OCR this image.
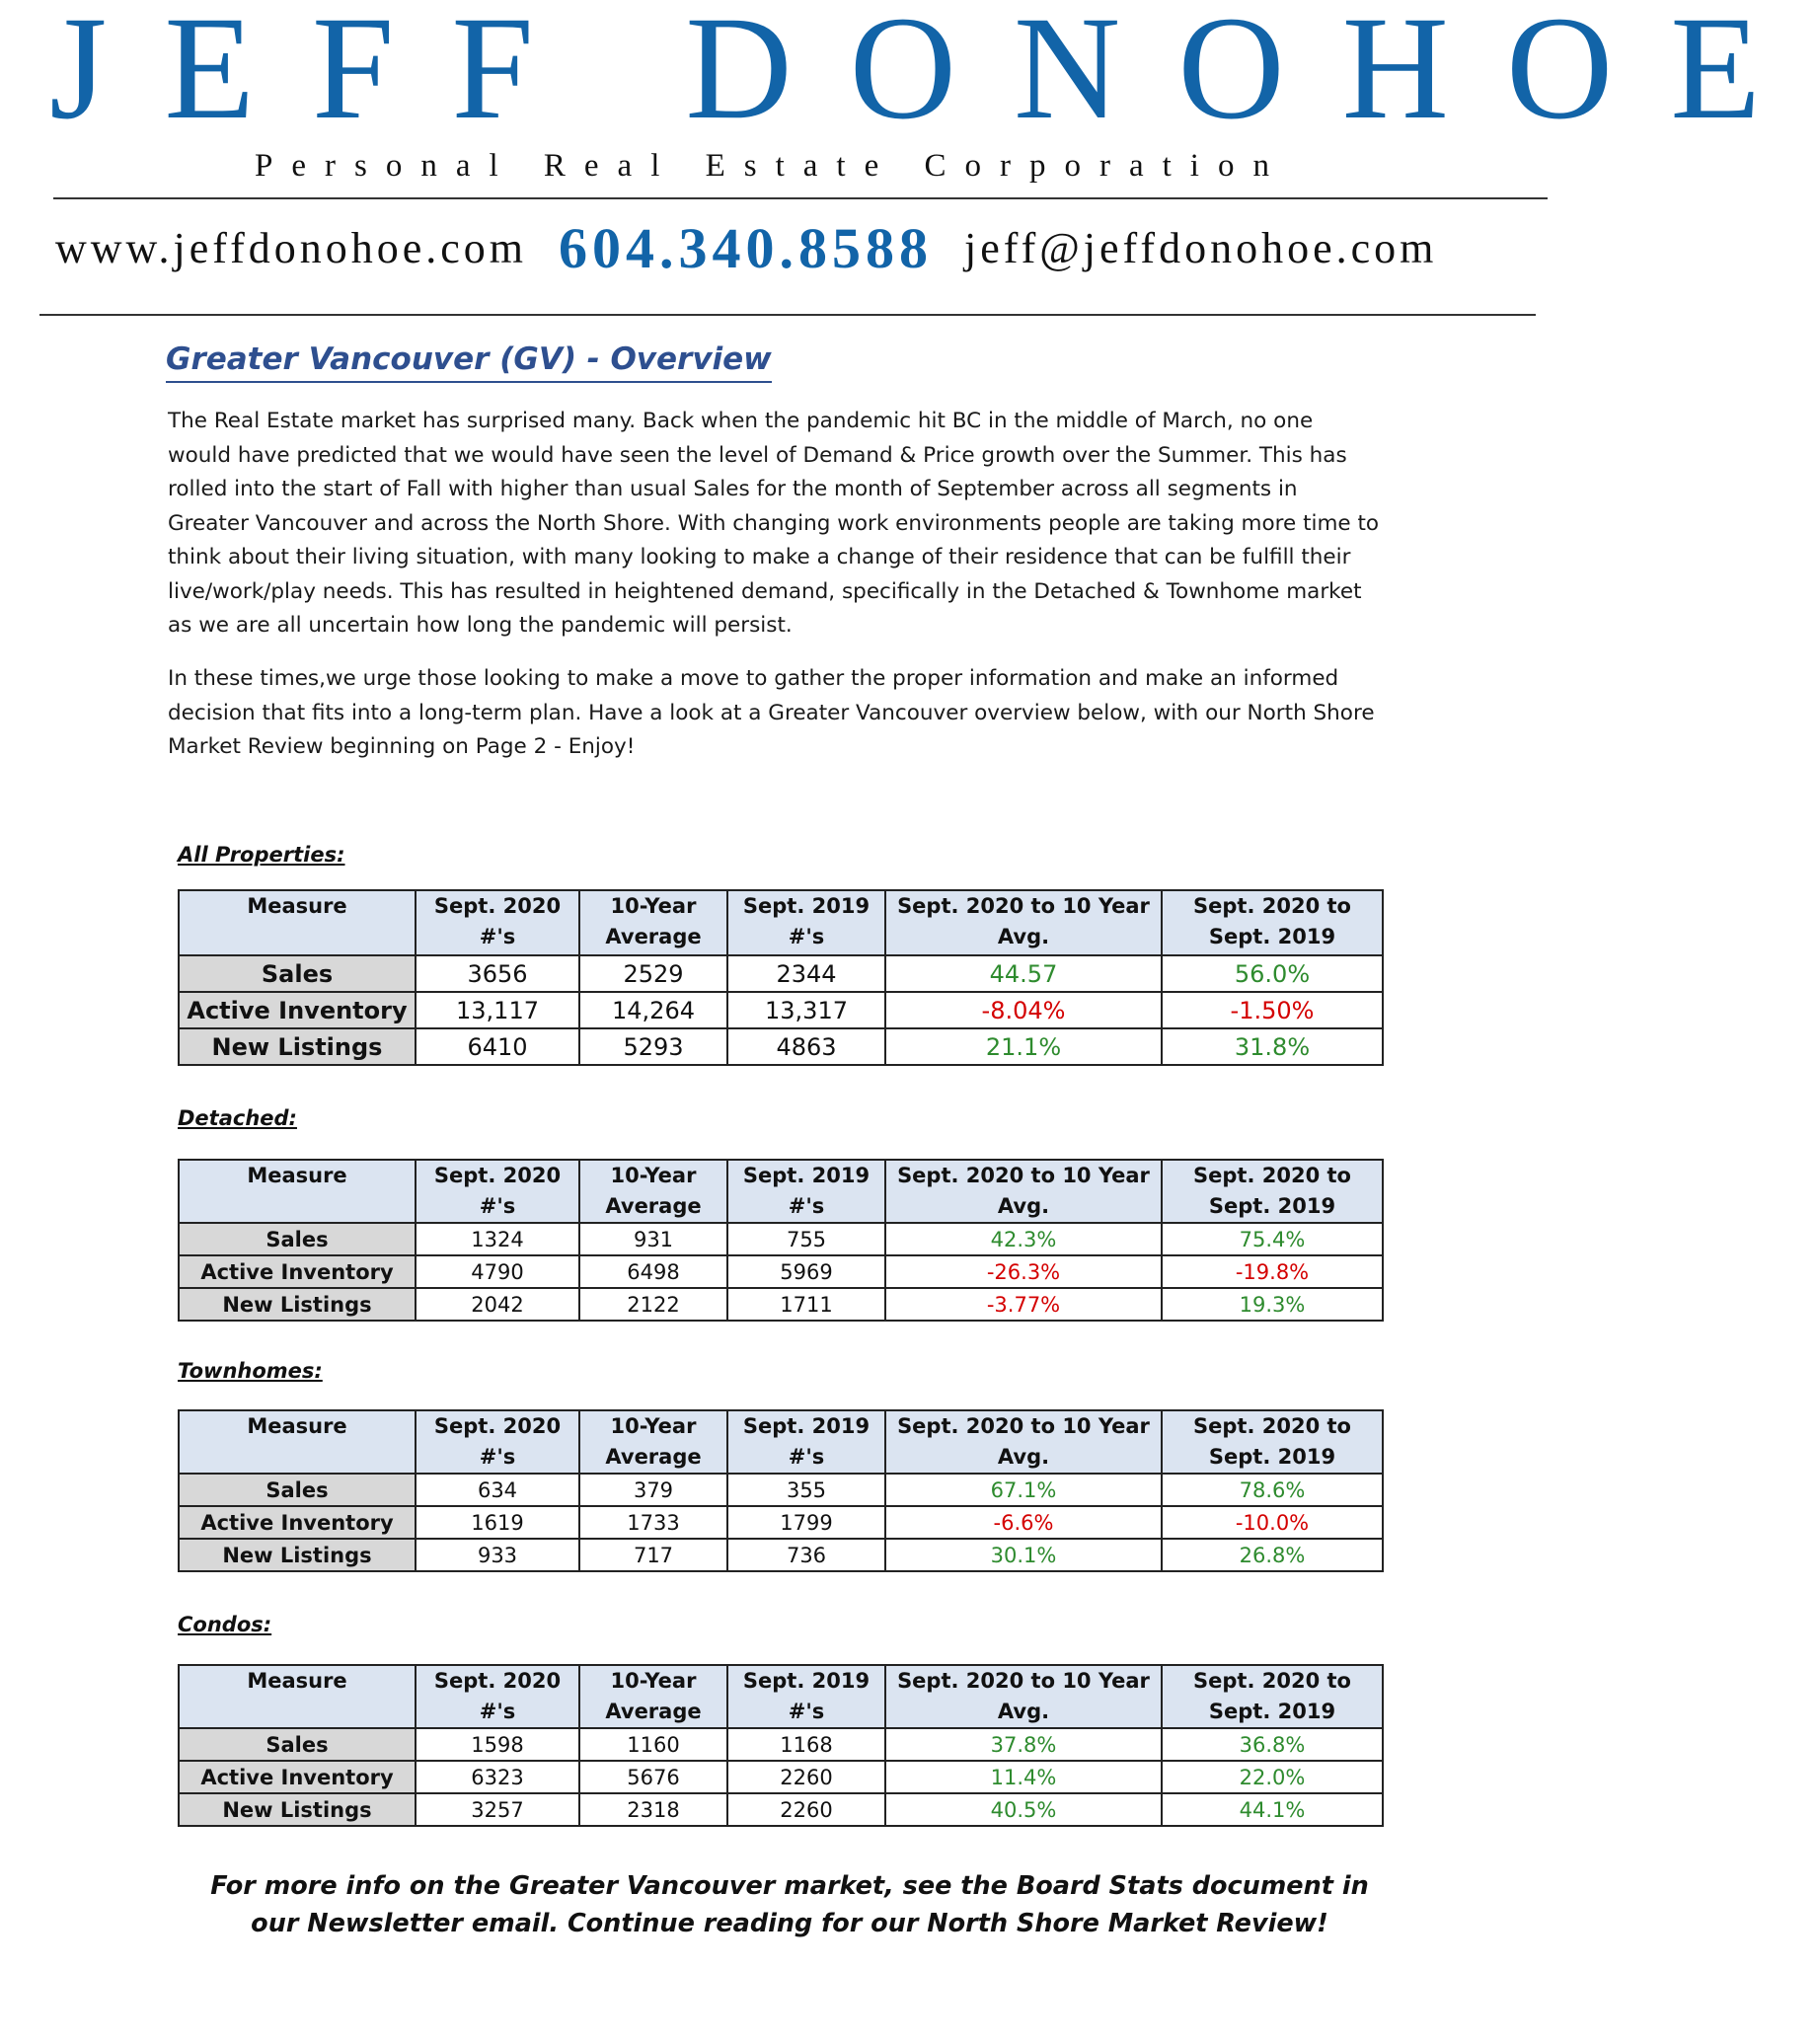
JEFF DONOHOE

Personal Real Estate Corporation

www.jeffdonohoe.com 604.340.8588 jeff@jeffdonohoe.com
Greater Vancouver (GV) - Overview

The Real Estate market has surprised many. Back when the pandemic hit BC in the middle of March, no one would have predicted that we would have seen the level of Demand & Price growth over the Summer. This has rolled into the start of Fall with higher than usual Sales for the month of September across all segments in Greater Vancouver and across the North Shore. With changing work environments people are taking more time to think about their living situation, with many looking to make a change of their residence that can be fulfill their live/work/play needs. This has resulted in heightened demand, specifically in the Detached & Townhome market as we are all uncertain how long the pandemic will persist.

In these times,we urge those looking to make a move to gather the proper information and make an informed decision that fits into a long-term plan. Have a look at a Greater Vancouver overview below, with our North Shore Market Review beginning on Page 2 - Enjoy!

All Properties:

Measure	Sept. 2020 #'s	10-Year Average	Sept. 2019 #'s	Sept. 2020 to 10 Year Avg.	Sept. 2020 to Sept. 2019
Sales	3656	2529	2344	44.57	56.0%
Active Inventory	13,117	14,264	13,317	-8.04%	-1.50%
New Listings	6410	5293	4863	21.1%	31.8%

Detached:

Measure	Sept. 2020 #'s	10-Year Average	Sept. 2019 #'s	Sept. 2020 to 10 Year Avg.	Sept. 2020 to Sept. 2019
Sales	1324	931	755	42.3%	75.4%
Active Inventory	4790	6498	5969	-26.3%	-19.8%
New Listings	2042	2122	1711	-3.77%	19.3%

Townhomes:

Measure	Sept. 2020 #'s	10-Year Average	Sept. 2019 #'s	Sept. 2020 to 10 Year Avg.	Sept. 2020 to Sept. 2019
Sales	634	379	355	67.1%	78.6%
Active Inventory	1619	1733	1799	-6.6%	-10.0%
New Listings	933	717	736	30.1%	26.8%

Condos:

Measure	Sept. 2020 #'s	10-Year Average	Sept. 2019 #'s	Sept. 2020 to 10 Year Avg.	Sept. 2020 to Sept. 2019
Sales	1598	1160	1168	37.8%	36.8%
Active Inventory	6323	5676	2260	11.4%	22.0%
New Listings	3257	2318	2260	40.5%	44.1%

For more info on the Greater Vancouver market, see the Board Stats document in our Newsletter email. Continue reading for our North Shore Market Review!
